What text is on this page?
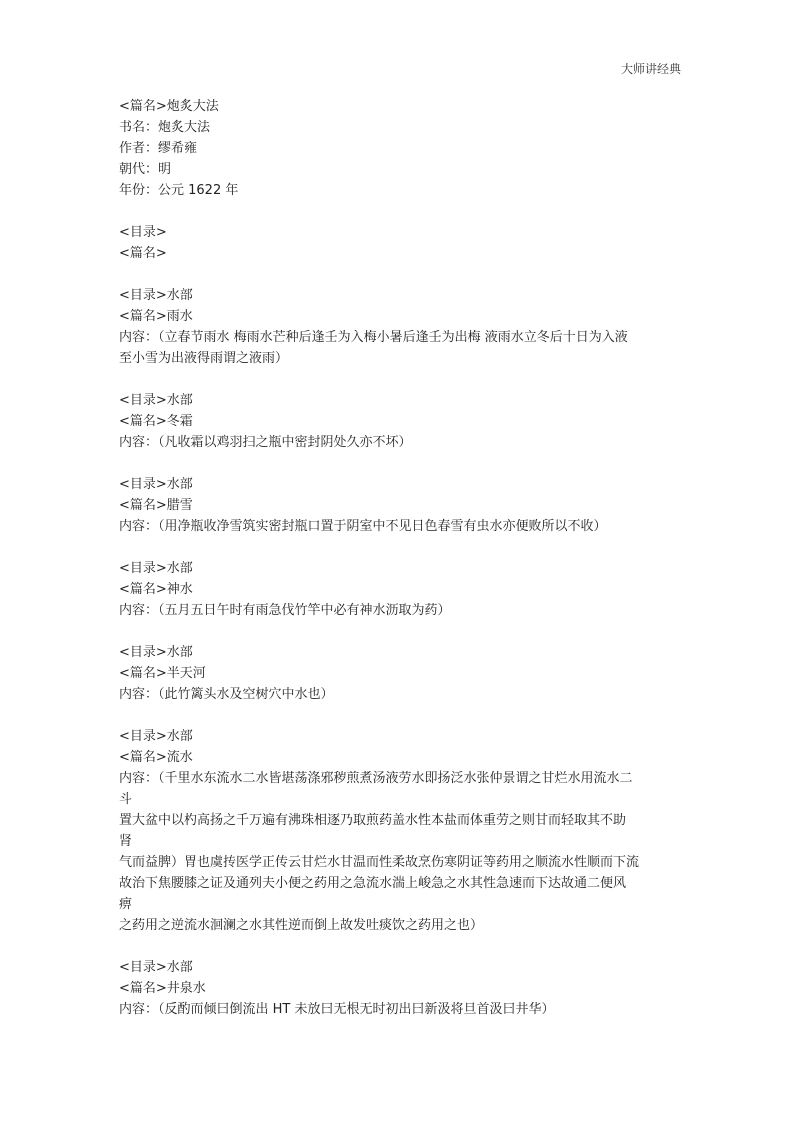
大师讲经典
<篇名>炮炙大法
书名：炮炙大法
作者：缪希雍
朝代：明
年份：公元 1622 年
<目录>
<篇名>
<目录>水部
<篇名>雨水
内容：（立春节雨水 梅雨水芒种后逢壬为入梅小暑后逢壬为出梅 液雨水立冬后十日为入液
至小雪为出液得雨谓之液雨）
<目录>水部
<篇名>冬霜
内容：（凡收霜以鸡羽扫之瓶中密封阴处久亦不坏）
<目录>水部
<篇名>腊雪
内容：（用净瓶收净雪筑实密封瓶口置于阴室中不见日色春雪有虫水亦便败所以不收）
<目录>水部
<篇名>神水
内容：（五月五日午时有雨急伐竹竿中必有神水沥取为药）
<目录>水部
<篇名>半天河
内容：（此竹篱头水及空树穴中水也）
<目录>水部
<篇名>流水
内容：（千里水东流水二水皆堪荡涤邪秽煎煮汤液劳水即扬泛水张仲景谓之甘烂水用流水二
斗
置大盆中以杓高扬之千万遍有沸珠相逐乃取煎药盖水性本盐而体重劳之则甘而轻取其不助
肾
气而益脾）胃也虞抟医学正传云甘烂水甘温而性柔故烹伤寒阴证等药用之顺流水性顺而下流
故治下焦腰膝之证及通列夫小便之药用之急流水湍上峻急之水其性急速而下达故通二便风
痹
之药用之逆流水洄澜之水其性逆而倒上故发吐痰饮之药用之也）
<目录>水部
<篇名>井泉水
内容：（反酌而倾曰倒流出 HT 未放曰无根无时初出曰新汲将旦首汲曰井华）
